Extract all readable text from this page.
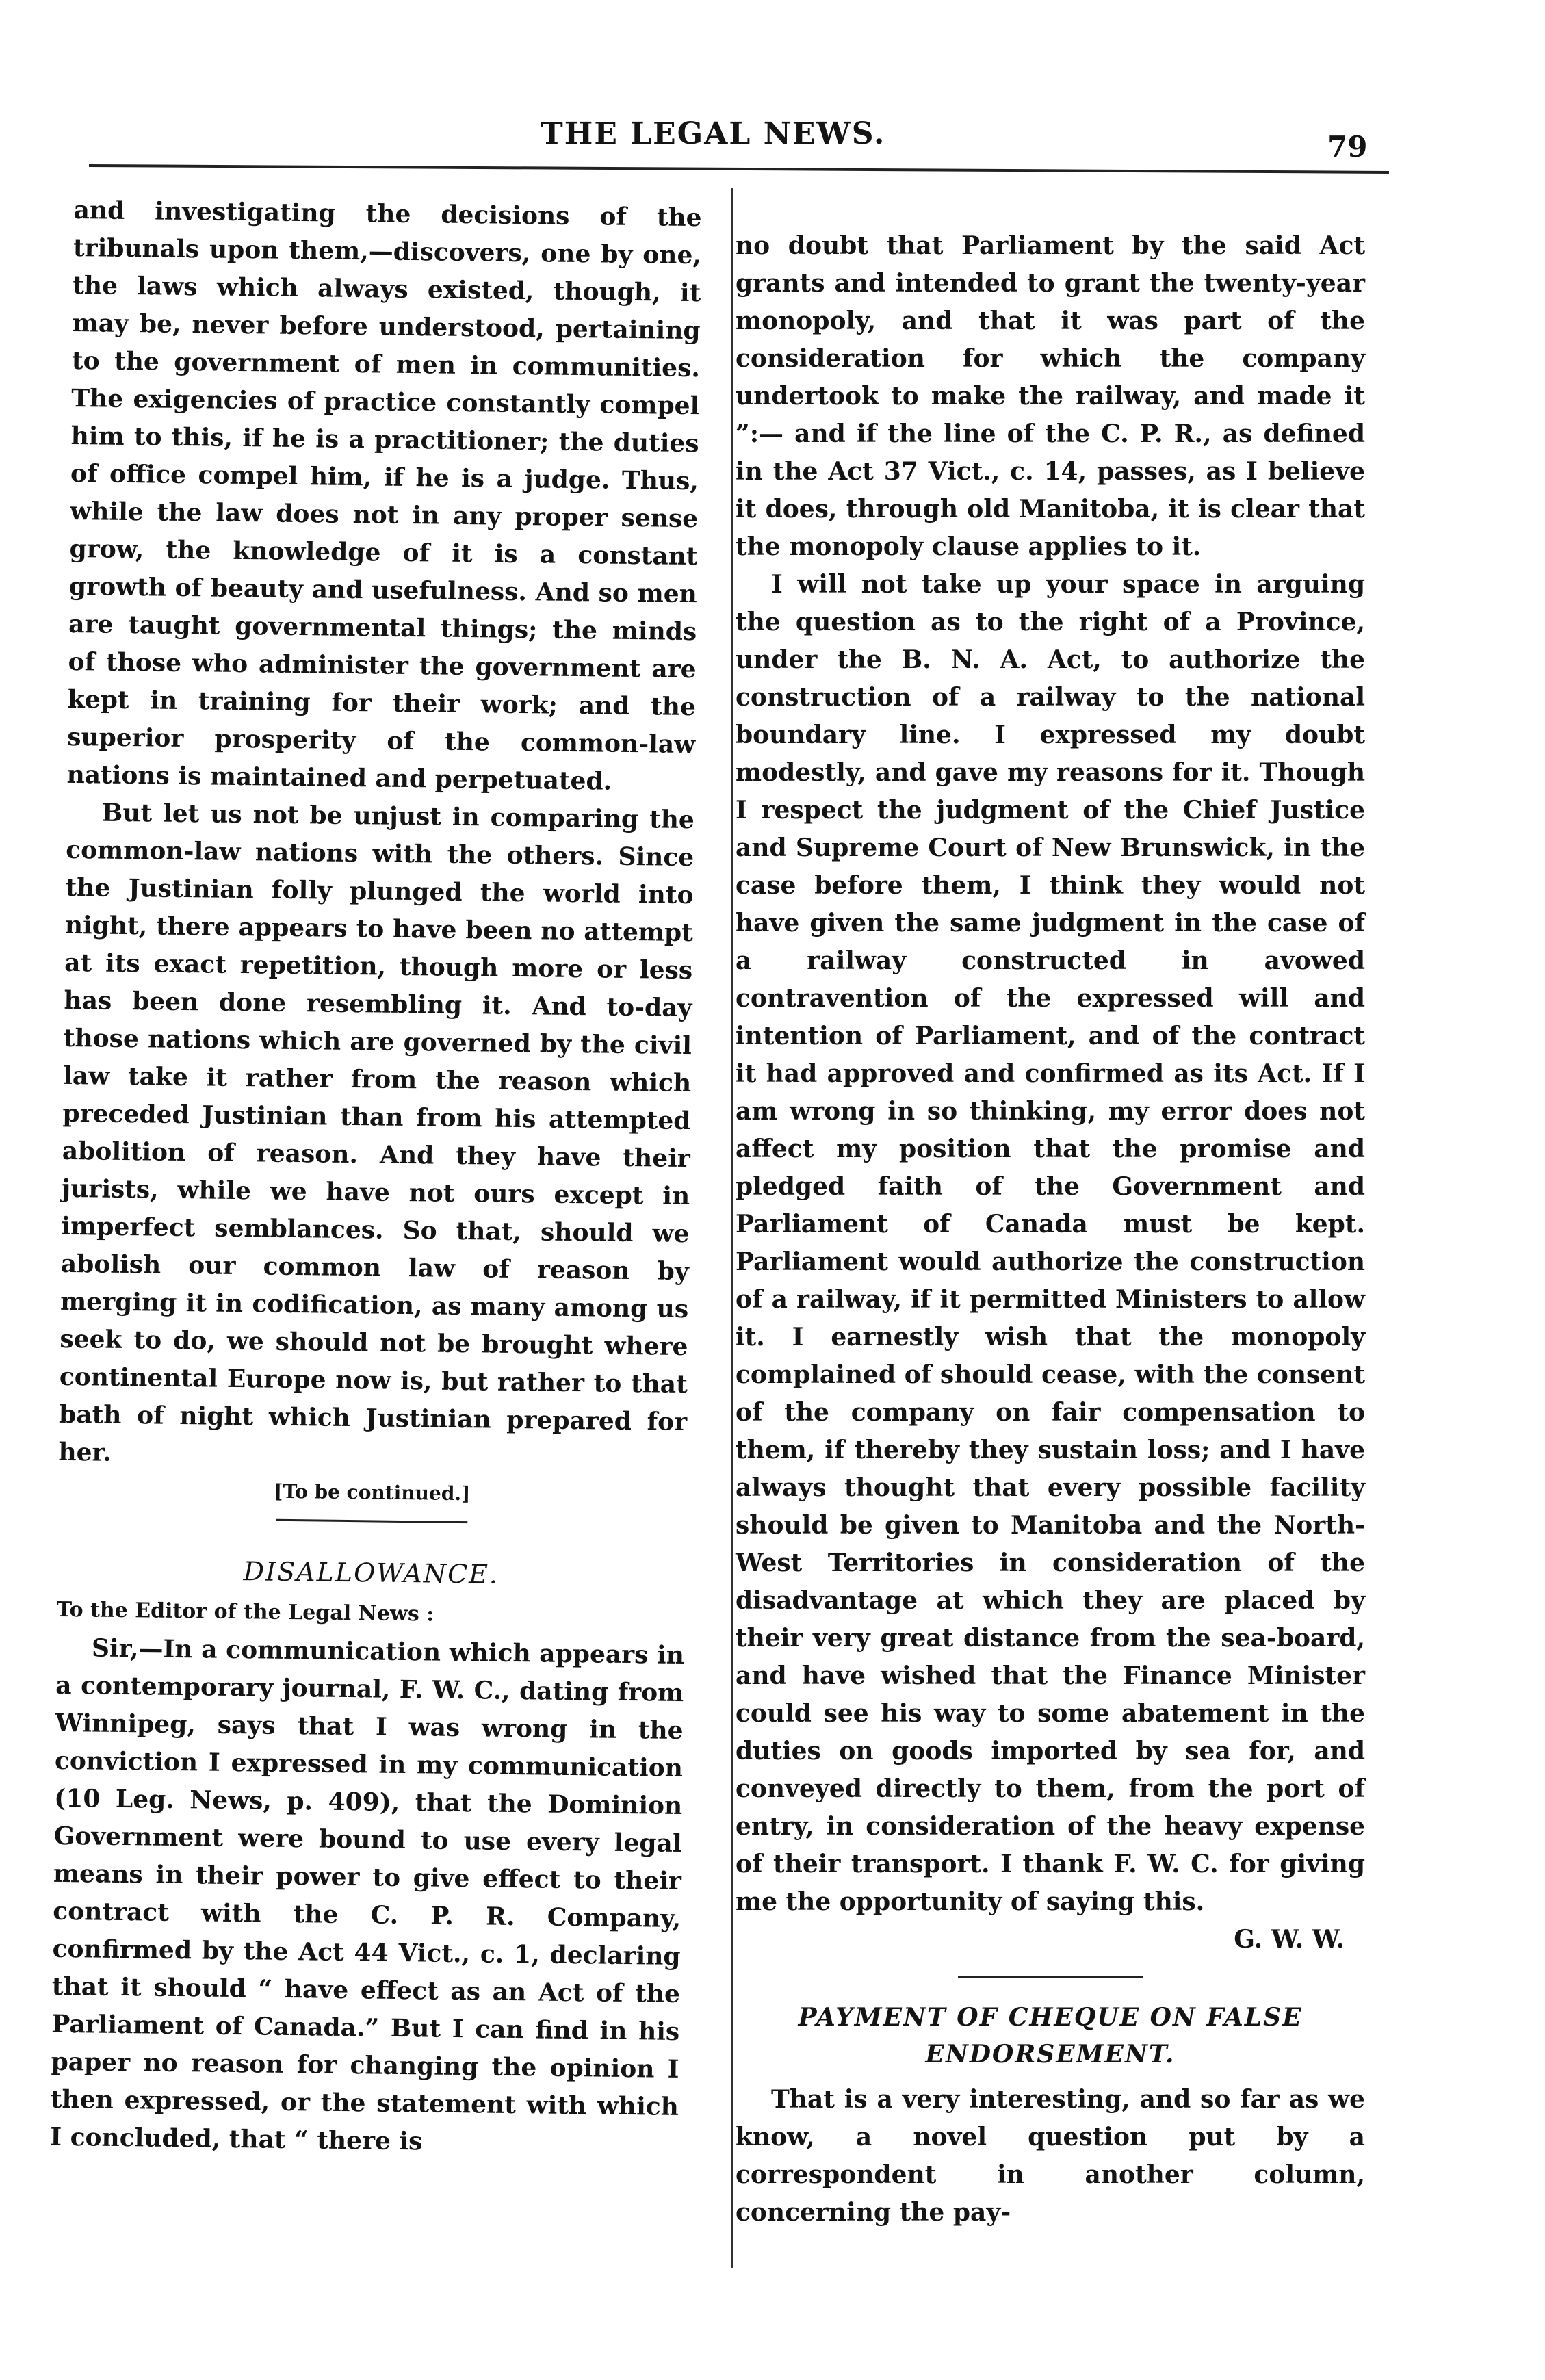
THE LEGAL NEWS.	79

and investigating the decisions of the tribunals upon them,—discovers, one by one, the laws which always existed, though, it may be, never before understood, pertaining to the government of men in communities. The exigencies of practice constantly compel him to this, if he is a practitioner; the duties of office compel him, if he is a judge. Thus, while the law does not in any proper sense grow, the knowledge of it is a constant growth of beauty and usefulness. And so men are taught governmental things; the minds of those who administer the government are kept in training for their work; and the superior prosperity of the common-law nations is maintained and perpetuated.

But let us not be unjust in comparing the common-law nations with the others. Since the Justinian folly plunged the world into night, there appears to have been no attempt at its exact repetition, though more or less has been done resembling it. And to-day those nations which are governed by the civil law take it rather from the reason which preceded Justinian than from his attempted abolition of reason. And they have their jurists, while we have not ours except in imperfect semblances. So that, should we abolish our common law of reason by merging it in codification, as many among us seek to do, we should not be brought where continental Europe now is, but rather to that bath of night which Justinian prepared for her.

[To be continued.]
DISALLOWANCE.
To the Editor of the Legal News :

Sir,—In a communication which appears in a contemporary journal, F. W. C., dating from Winnipeg, says that I was wrong in the conviction I expressed in my communication (10 Leg. News, p. 409), that the Dominion Government were bound to use every legal means in their power to give effect to their contract with the C. P. R. Company, confirmed by the Act 44 Vict., c. 1, declaring that it should “ have effect as an Act of the Parliament of Canada.” But I can find in his paper no reason for changing the opinion I then expressed, or the statement with which I concluded, that “ there is

no doubt that Parliament by the said Act grants and intended to grant the twenty-year monopoly, and that it was part of the consideration for which the company undertook to make the railway, and made it ”:— and if the line of the C. P. R., as defined in the Act 37 Vict., c. 14, passes, as I believe it does, through old Manitoba, it is clear that the monopoly clause applies to it.

I will not take up your space in arguing the question as to the right of a Province, under the B. N. A. Act, to authorize the construction of a railway to the national boundary line. I expressed my doubt modestly, and gave my reasons for it. Though I respect the judgment of the Chief Justice and Supreme Court of New Brunswick, in the case before them, I think they would not have given the same judgment in the case of a railway constructed in avowed contravention of the expressed will and intention of Parliament, and of the contract it had approved and confirmed as its Act. If I am wrong in so thinking, my error does not affect my position that the promise and pledged faith of the Government and Parliament of Canada must be kept. Parliament would authorize the construction of a railway, if it permitted Ministers to allow it. I earnestly wish that the monopoly complained of should cease, with the consent of the company on fair compensation to them, if thereby they sustain loss; and I have always thought that every possible facility should be given to Manitoba and the North-West Territories in consideration of the disadvantage at which they are placed by their very great distance from the sea-board, and have wished that the Finance Minister could see his way to some abatement in the duties on goods imported by sea for, and conveyed directly to them, from the port of entry, in consideration of the heavy expense of their transport. I thank F. W. C. for giving me the opportunity of saying this.

G. W. W.
PAYMENT OF CHEQUE ON FALSE ENDORSEMENT.

That is a very interesting, and so far as we know, a novel question put by a correspondent in another column, concerning the pay-
